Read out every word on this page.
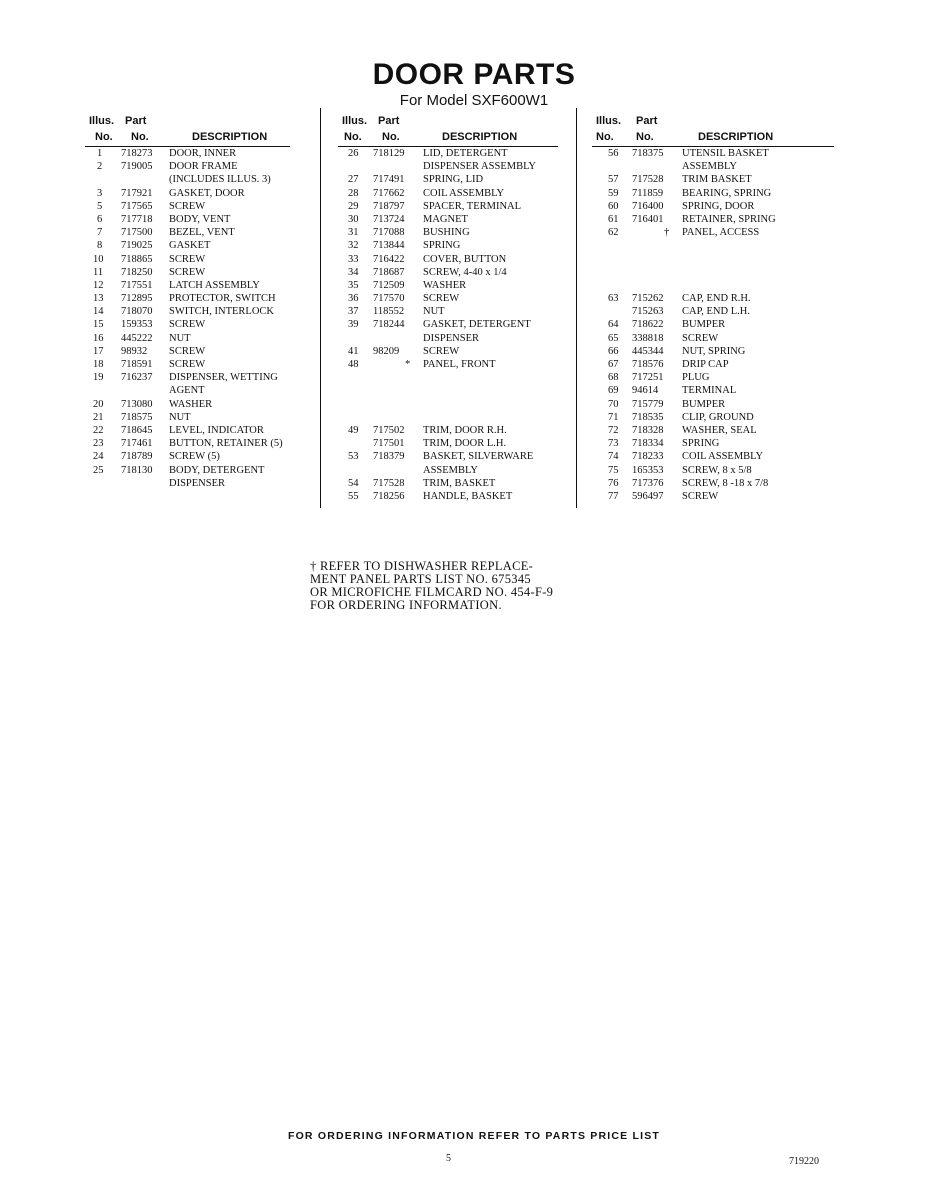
DOOR PARTS
For Model SXF600W1
Illus. Part
No. No.	DESCRIPTION
1 718273 DOOR, INNER
2 719005 DOOR FRAME
(INCLUDES ILLUS. 3)
3 717921 GASKET, DOOR
5 717565 SCREW
6 717718 BODY, VENT
7 717500 BEZEL, VENT
8 719025 GASKET
10 718865 SCREW
11 718250 SCREW
12 717551 LATCH ASSEMBLY
13 712895 PROTECTOR, SWITCH
14 718070 SWITCH, INTERLOCK
15 159353 SCREW
16 445222 NUT
17 98932 SCREW
18 718591 SCREW
19 716237 DISPENSER, WETTING
AGENT
20 713080 WASHER
21 718575 NUT
22 718645 LEVEL, INDICATOR
23 717461 BUTTON, RETAINER (5)
24 718789 SCREW (5)
25 718130 BODY, DETERGENT
DISPENSER
Illus. Part
No. No.	DESCRIPTION
26 718129 LID, DETERGENT
DISPENSER ASSEMBLY
27 717491 SPRING, LID
28 717662 COIL ASSEMBLY
29 718797 SPACER, TERMINAL
30 713724 MAGNET
31 717088 BUSHING
32 713844 SPRING
33 716422 COVER, BUTTON
34 718687 SCREW, 4-40 x 1/4
35 712509 WASHER
36 717570 SCREW
37 118552 NUT
39 718244 GASKET, DETERGENT
DISPENSER
41 98209 SCREW
48	* PANEL, FRONT
49 717502 TRIM, DOOR R.H.
717501 TRIM, DOOR L.H.
53 718379 BASKET, SILVERWARE
ASSEMBLY
54 717528 TRIM, BASKET
55 718256 HANDLE, BASKET
Illus. Part
No. No.	DESCRIPTION
56 718375 UTENSIL BASKET
ASSEMBLY
57 717528 TRIM BASKET
59 711859 BEARING, SPRING
60 716400 SPRING, DOOR
61 716401 RETAINER, SPRING
62	† PANEL, ACCESS
63 715262 CAP, END R.H.
715263 CAP, END L.H.
64 718622 BUMPER
65 338818 SCREW
66 445344 NUT, SPRING
67 718576 DRIP CAP
68 717251 PLUG
69 94614 TERMINAL
70 715779 BUMPER
71 718535 CLIP, GROUND
72 718328 WASHER, SEAL
73 718334 SPRING
74 718233 COIL ASSEMBLY
75 165353 SCREW, 8 x 5/8
76 717376 SCREW, 8 -18 x 7/8
77 596497 SCREW
† REFER TO DISHWASHER REPLACE-
MENT PANEL PARTS LIST NO. 675345
OR MICROFICHE FILMCARD NO. 454-F-9
FOR ORDERING INFORMATION.
FOR ORDERING INFORMATION REFER TO PARTS PRICE LIST
5	719220
